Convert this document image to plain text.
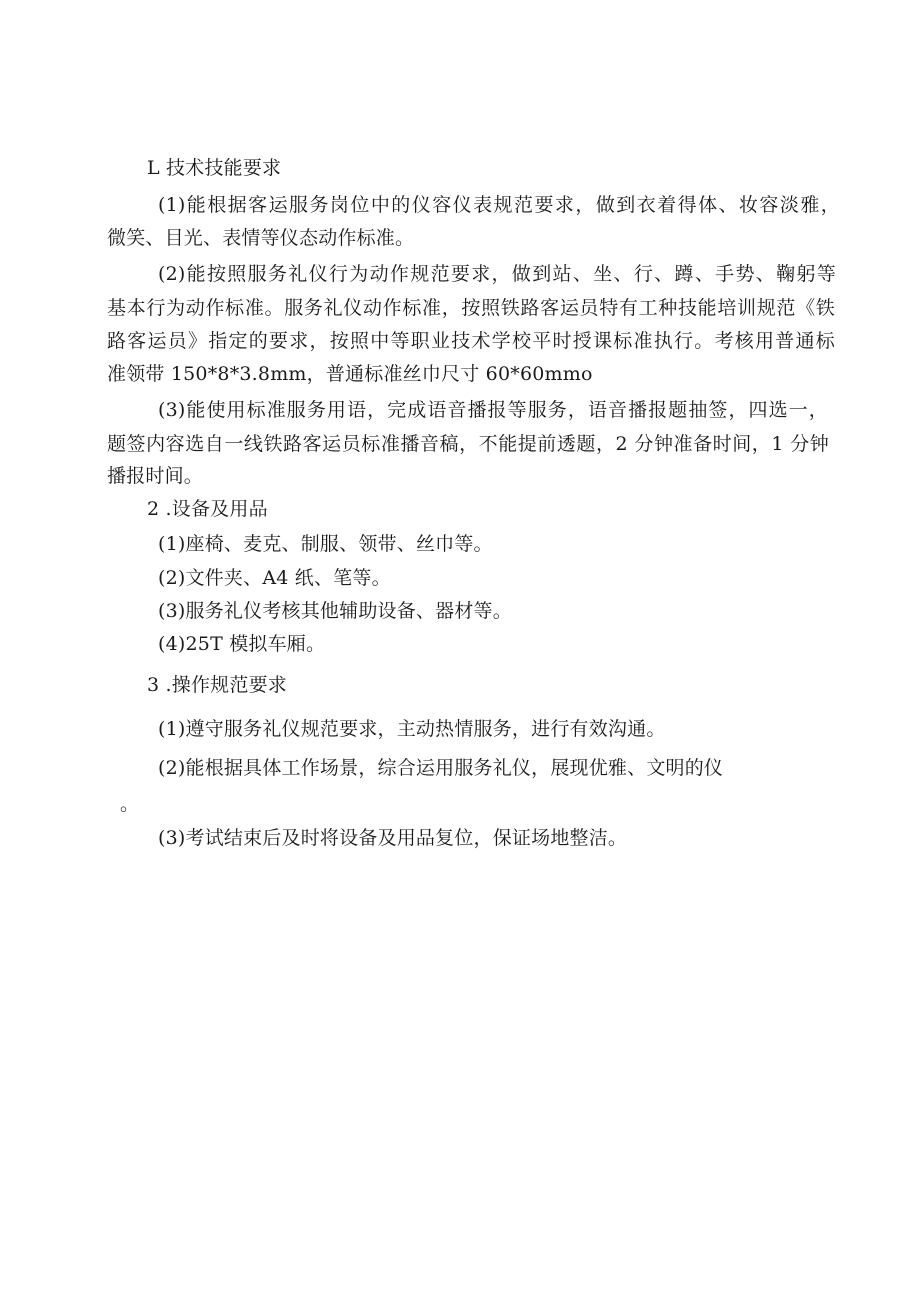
L 技术技能要求
(1)能根据客运服务岗位中的仪容仪表规范要求，做到衣着得体、妆容淡雅，
微笑、目光、表情等仪态动作标准。
(2)能按照服务礼仪行为动作规范要求，做到站、坐、行、蹲、手势、鞠躬等
基本行为动作标准。服务礼仪动作标准，按照铁路客运员特有工种技能培训规范《铁
路客运员》指定的要求，按照中等职业技术学校平时授课标准执行。考核用普通标
准领带 150*8*3.8mm，普通标准丝巾尺寸 60*60mmo
(3)能使用标准服务用语，完成语音播报等服务，语音播报题抽签，四选一，
题签内容选自一线铁路客运员标准播音稿，不能提前透题，2 分钟准备时间，1 分钟
播报时间。
2 .设备及用品
(1)座椅、麦克、制服、领带、丝巾等。
(2)文件夹、A4 纸、笔等。
(3)服务礼仪考核其他辅助设备、器材等。
(4)25T 模拟车厢。
3 .操作规范要求
(1)遵守服务礼仪规范要求，主动热情服务，进行有效沟通。
(2)能根据具体工作场景，综合运用服务礼仪，展现优雅、文明的仪
。
(3)考试结束后及时将设备及用品复位，保证场地整洁。
